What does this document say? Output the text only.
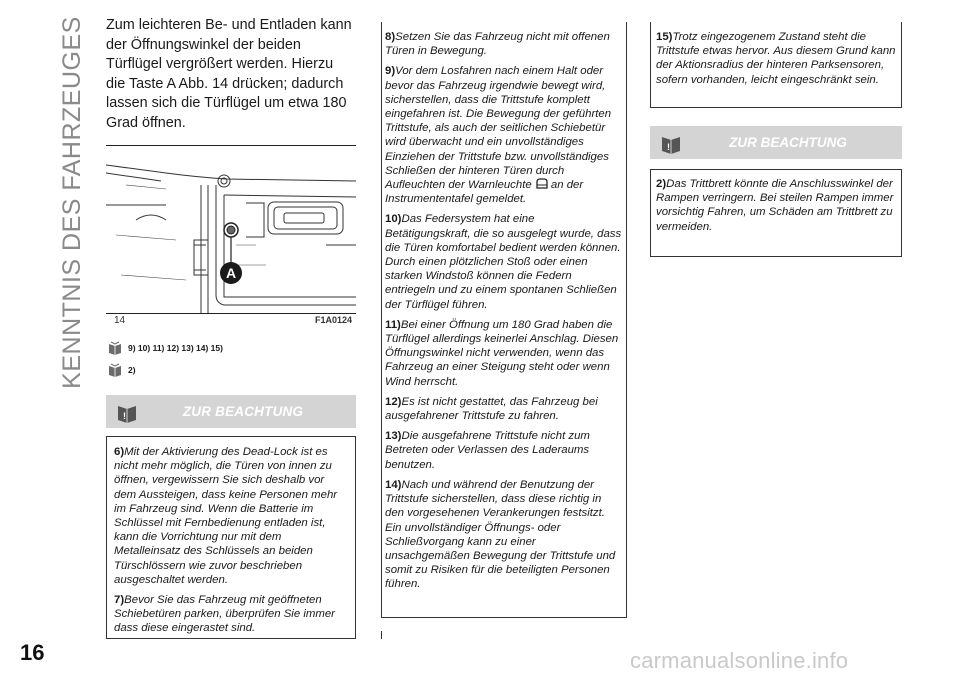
KENNTNIS DES FAHRZEUGES Zum leichteren Be- und Entladen kann der Öffnungswinkel der beiden Türflügel vergrößert werden. Hierzu die Taste A Abb. 14 drücken; dadurch lassen sich die Türflügel um etwa 180 Grad öffnen.
A
14	F1A0124
9) 10) 11) 12) 13) 14) 15)
2)
!	ZUR BEACHTUNG

6)Mit der Aktivierung des Dead-Lock ist es nicht mehr möglich, die Türen von innen zu öffnen, vergewissern Sie sich deshalb vor dem Aussteigen, dass keine Personen mehr im Fahrzeug sind. Wenn die Batterie im Schlüssel mit Fernbedienung entladen ist, kann die Vorrichtung nur mit dem Metalleinsatz des Schlüssels an beiden Türschlössern wie zuvor beschrieben ausgeschaltet werden.

7)Bevor Sie das Fahrzeug mit geöffneten Schiebetüren parken, überprüfen Sie immer dass diese eingerastet sind.

8)Setzen Sie das Fahrzeug nicht mit offenen Türen in Bewegung.

9)Vor dem Losfahren nach einem Halt oder bevor das Fahrzeug irgendwie bewegt wird, sicherstellen, dass die Trittstufe komplett eingefahren ist. Die Bewegung der geführten Trittstufe, als auch der seitlichen Schiebetür wird überwacht und ein unvollständiges Einziehen der Trittstufe bzw. unvollständiges Schließen der hinteren Türen durch Aufleuchten der Warnleuchte an der Instrumententafel gemeldet.

10)Das Federsystem hat eine Betätigungskraft, die so ausgelegt wurde, dass die Türen komfortabel bedient werden können. Durch einen plötzlichen Stoß oder einen starken Windstoß können die Federn entriegeln und zu einem spontanen Schließen der Türflügel führen.

11)Bei einer Öffnung um 180 Grad haben die Türflügel allerdings keinerlei Anschlag. Diesen Öffnungswinkel nicht verwenden, wenn das Fahrzeug an einer Steigung steht oder wenn Wind herrscht.

12)Es ist nicht gestattet, das Fahrzeug bei ausgefahrener Trittstufe zu fahren.

13)Die ausgefahrene Trittstufe nicht zum Betreten oder Verlassen des Laderaums benutzen.

14)Nach und während der Benutzung der Trittstufe sicherstellen, dass diese richtig in den vorgesehenen Verankerungen festsitzt. Ein unvollständiger Öffnungs- oder Schließvorgang kann zu einer unsachgemäßen Bewegung der Trittstufe und somit zu Risiken für die beteiligten Personen führen.

15)Trotz eingezogenem Zustand steht die Trittstufe etwas hervor. Aus diesem Grund kann der Aktionsradius der hinteren Parksensoren, sofern vorhanden, leicht eingeschränkt sein.

!	ZUR BEACHTUNG

2)Das Trittbrett könnte die Anschlusswinkel der Rampen verringern. Bei steilen Rampen immer vorsichtig Fahren, um Schäden am Trittbrett zu vermeiden.

16	carmanualsonline.info
